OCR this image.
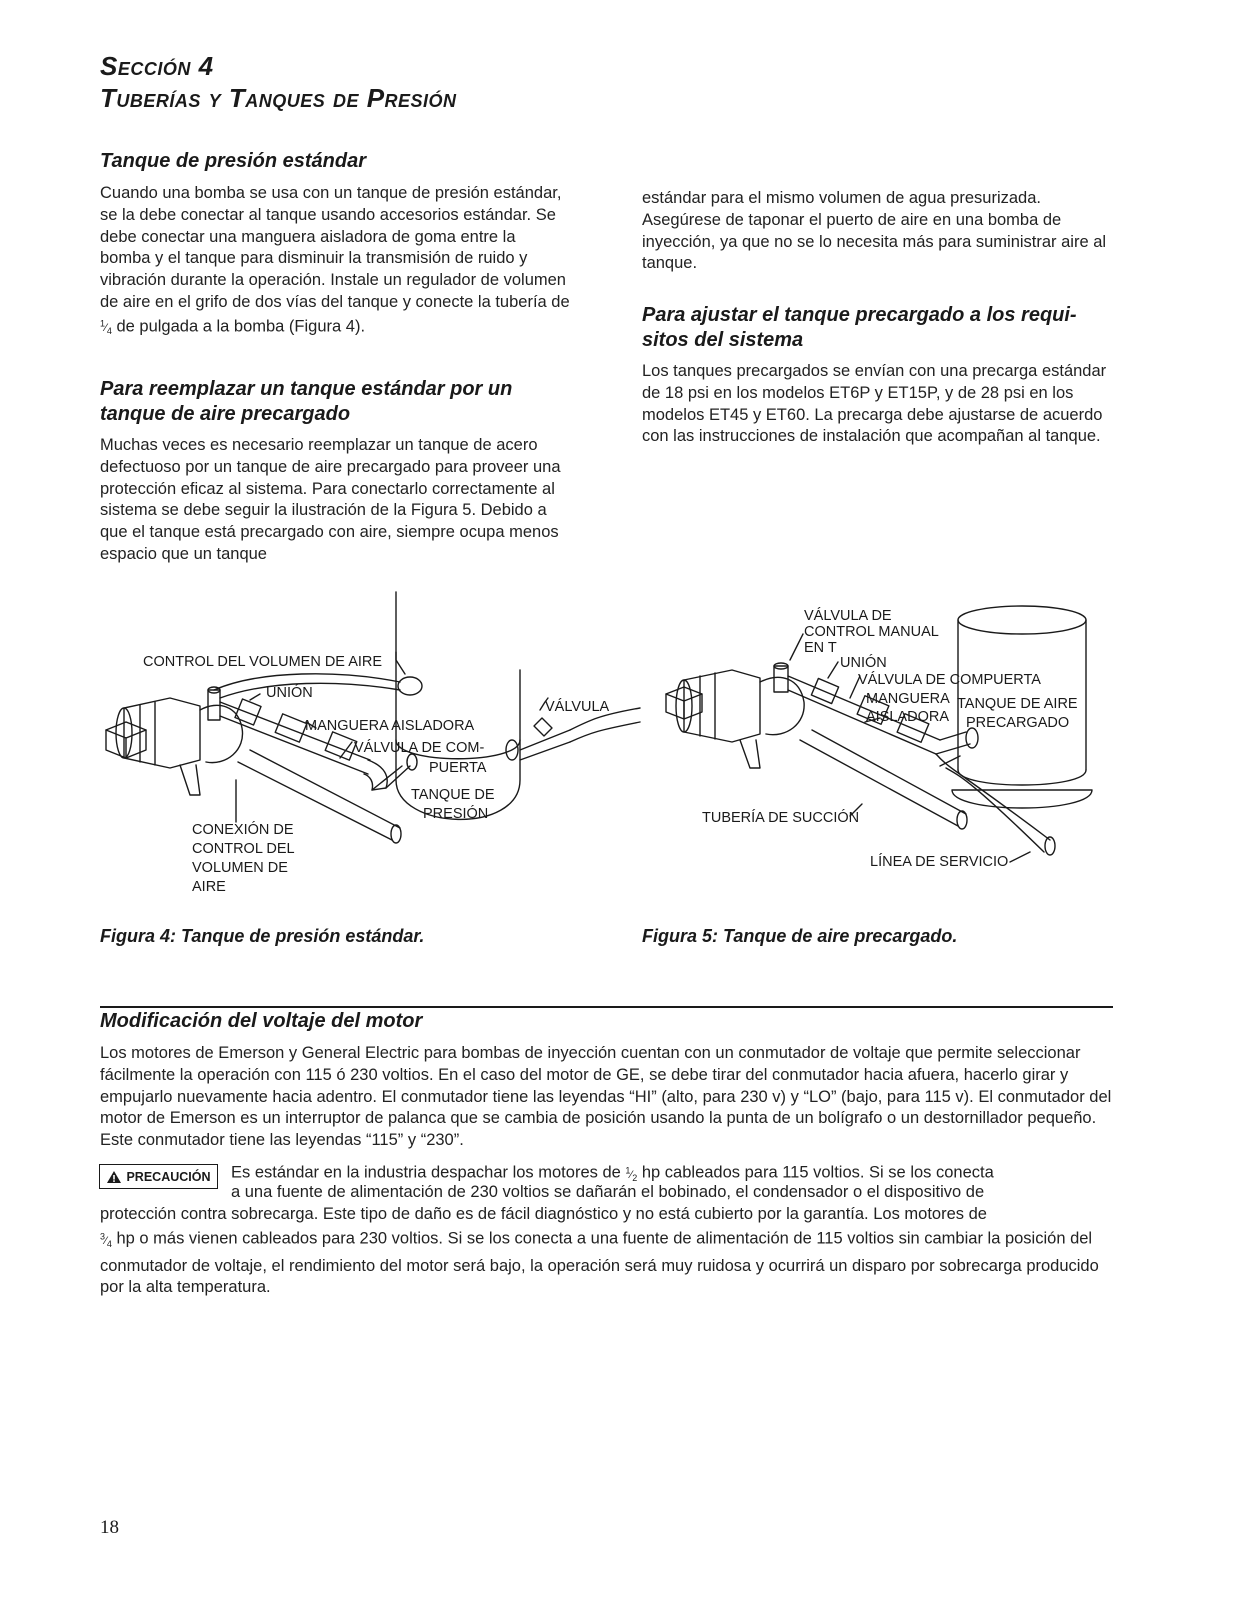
Sección 4
Tuberías y Tanques de Presión
Tanque de presión estándar

Cuando una bomba se usa con un tanque de presión estándar, se la debe conectar al tanque usando accesorios estándar. Se debe conectar una manguera aisladora de goma entre la bomba y el tanque para disminuir la transmisión de ruido y vibración durante la operación. Instale un regulador de volumen de aire en el grifo de dos vías del tanque y conecte la tubería de $^1⁄_4$ de pulgada a la bomba (Figura 4).

Para reemplazar un tanque estándar por un tanque de aire precargado

Muchas veces es necesario reemplazar un tanque de acero defectuoso por un tanque de aire precargado para proveer una protección eficaz al sistema. Para conectarlo correctamente al sistema se debe seguir la ilustración de la Figura 5. Debido a que el tanque está precargado con aire, siempre ocupa menos espacio que un tanque

estándar para el mismo volumen de agua presurizada. Asegúrese de taponar el puerto de aire en una bomba de inyección, ya que no se lo necesita más para suministrar aire al tanque.

Para ajustar el tanque precargado a los requi-sitos del sistema

Los tanques precargados se envían con una precarga estándar de 18 psi en los modelos ET6P y ET15P, y de 28 psi en los modelos ET45 y ET60. La precarga debe ajustarse de acuerdo con las instrucciones de instalación que acompañan al tanque.

CONTROL DEL VOLUMEN DE AIRE
UNIÓN
MANGUERA AISLADORA
VÁLVULA DE COM-
PUERTA
VÁLVULA
TANQUE DE
PRESIÓN
CONEXIÓN DE
CONTROL DEL
VOLUMEN DE
AIRE
VÁLVULA DE
CONTROL MANUAL
EN T
UNIÓN
VÁLVULA DE COMPUERTA
MANGUERA
AISLADORA
TANQUE DE AIRE
PRECARGADO
TUBERÍA DE SUCCIÓN
LÍNEA DE SERVICIO

Figura 4: Tanque de presión estándar.	Figura 5: Tanque de aire precargado.

Modificación del voltaje del motor

Los motores de Emerson y General Electric para bombas de inyección cuentan con un conmutador de voltaje que permite seleccionar fácilmente la operación con 115 ó 230 voltios. En el caso del motor de GE, se debe tirar del conmutador hacia afuera, hacerlo girar y empujarlo nuevamente hacia adentro. El conmutador tiene las leyendas “HI” (alto, para 230 v) y “LO” (bajo, para 115 v). El conmutador del motor de Emerson es un interruptor de palanca que se cambia de posición usando la punta de un bolígrafo o un destornillador pequeño. Este conmutador tiene las leyendas “115” y “230”.

PRECAUCIÓN Es estándar en la industria despachar los motores de $^1⁄_2$ hp cableados para 115 voltios. Si se los conecta

a una fuente de alimentación de 230 voltios se dañarán el bobinado, el condensador o el dispositivo de

protección contra sobrecarga. Este tipo de daño es de fácil diagnóstico y no está cubierto por la garantía. Los motores de

$^3⁄_4$ hp o más vienen cableados para 230 voltios. Si se los conecta a una fuente de alimentación de 115 voltios sin cambiar la posición del conmutador de voltaje, el rendimiento del motor será bajo, la operación será muy ruidosa y ocurrirá un disparo por sobrecarga producido por la alta temperatura.

18
